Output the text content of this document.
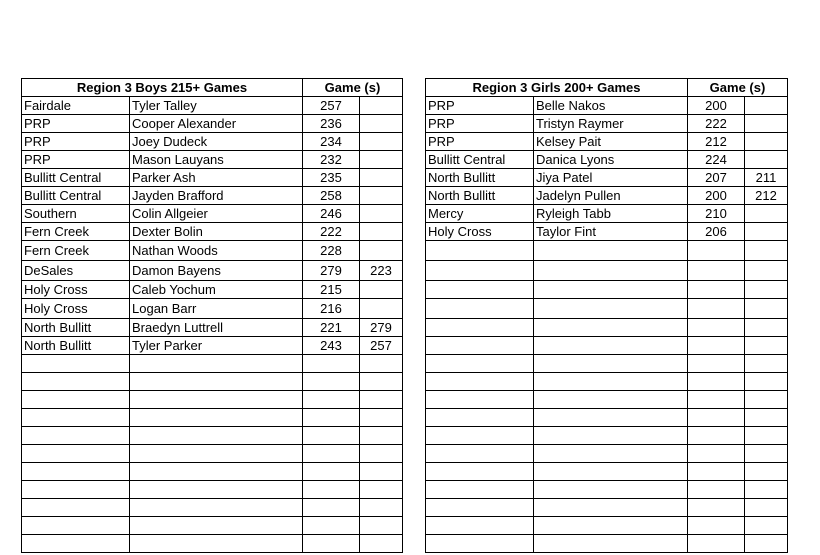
Region 3 Boys 215+ Games		Game (s)	
Fairdale	Tyler Talley	257	
PRP	Cooper Alexander	236	
PRP	Joey Dudeck	234	
PRP	Mason Lauyans	232	
Bullitt Central	Parker Ash	235	
Bullitt Central	Jayden Brafford	258	
Southern	Colin Allgeier	246	
Fern Creek	Dexter Bolin	222	
Fern Creek	Nathan Woods	228	
DeSales	Damon Bayens	279	223
Holy Cross	Caleb Yochum	215	
Holy Cross	Logan Barr	216	
North Bullitt	Braedyn Luttrell	221	279
North Bullitt	Tyler Parker	243	257

Region 3 Girls 200+ Games		Game (s)	
PRP	Belle Nakos	200	
PRP	Tristyn Raymer	222	
PRP	Kelsey Pait	212	
Bullitt Central	Danica Lyons	224	
North Bullitt	Jiya Patel	207	211
North Bullitt	Jadelyn Pullen	200	212
Mercy	Ryleigh Tabb	210	
Holy Cross	Taylor Fint	206	
